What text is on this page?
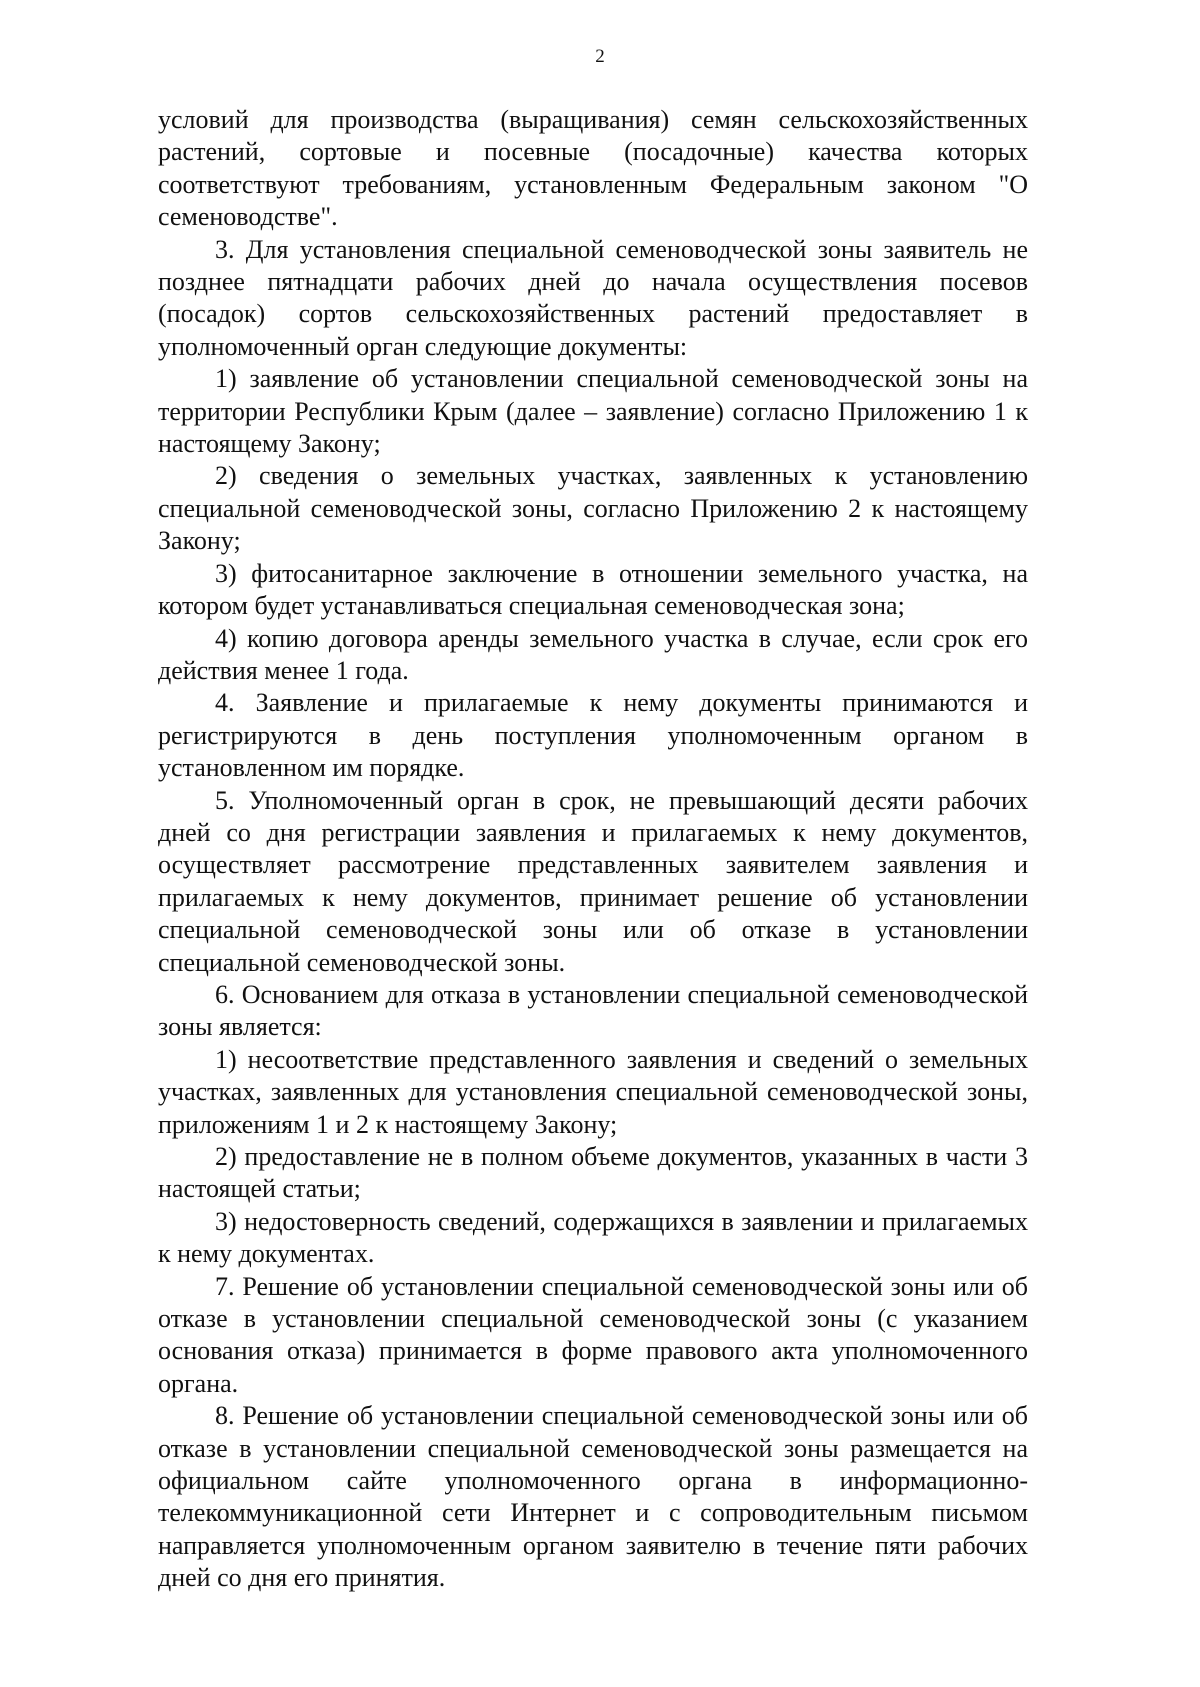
2

условий для производства (выращивания) семян сельскохозяйственных растений, сортовые и посевные (посадочные) качества которых соответствуют требованиям, установленным Федеральным законом "О семеноводстве".

3. Для установления специальной семеноводческой зоны заявитель не позднее пятнадцати рабочих дней до начала осуществления посевов (посадок) сортов сельскохозяйственных растений предоставляет в уполномоченный орган следующие документы:

1) заявление об установлении специальной семеноводческой зоны на территории Республики Крым (далее – заявление) согласно Приложению 1 к настоящему Закону;

2) сведения о земельных участках, заявленных к установлению специальной семеноводческой зоны, согласно Приложению 2 к настоящему Закону;

3) фитосанитарное заключение в отношении земельного участка, на котором будет устанавливаться специальная семеноводческая зона;

4) копию договора аренды земельного участка в случае, если срок его действия менее 1 года.

4. Заявление и прилагаемые к нему документы принимаются и регистрируются в день поступления уполномоченным органом в установленном им порядке.

5. Уполномоченный орган в срок, не превышающий десяти рабочих дней со дня регистрации заявления и прилагаемых к нему документов, осуществляет рассмотрение представленных заявителем заявления и прилагаемых к нему документов, принимает решение об установлении специальной семеноводческой зоны или об отказе в установлении специальной семеноводческой зоны.

6. Основанием для отказа в установлении специальной семеноводческой зоны является:

1) несоответствие представленного заявления и сведений о земельных участках, заявленных для установления специальной семеноводческой зоны, приложениям 1 и 2 к настоящему Закону;

2) предоставление не в полном объеме документов, указанных в части 3 настоящей статьи;

3) недостоверность сведений, содержащихся в заявлении и прилагаемых к нему документах.

7. Решение об установлении специальной семеноводческой зоны или об отказе в установлении специальной семеноводческой зоны (с указанием основания отказа) принимается в форме правового акта уполномоченного органа.

8. Решение об установлении специальной семеноводческой зоны или об отказе в установлении специальной семеноводческой зоны размещается на официальном сайте уполномоченного органа в информационно-телекоммуникационной сети Интернет и с сопроводительным письмом направляется уполномоченным органом заявителю в течение пяти рабочих дней со дня его принятия.
